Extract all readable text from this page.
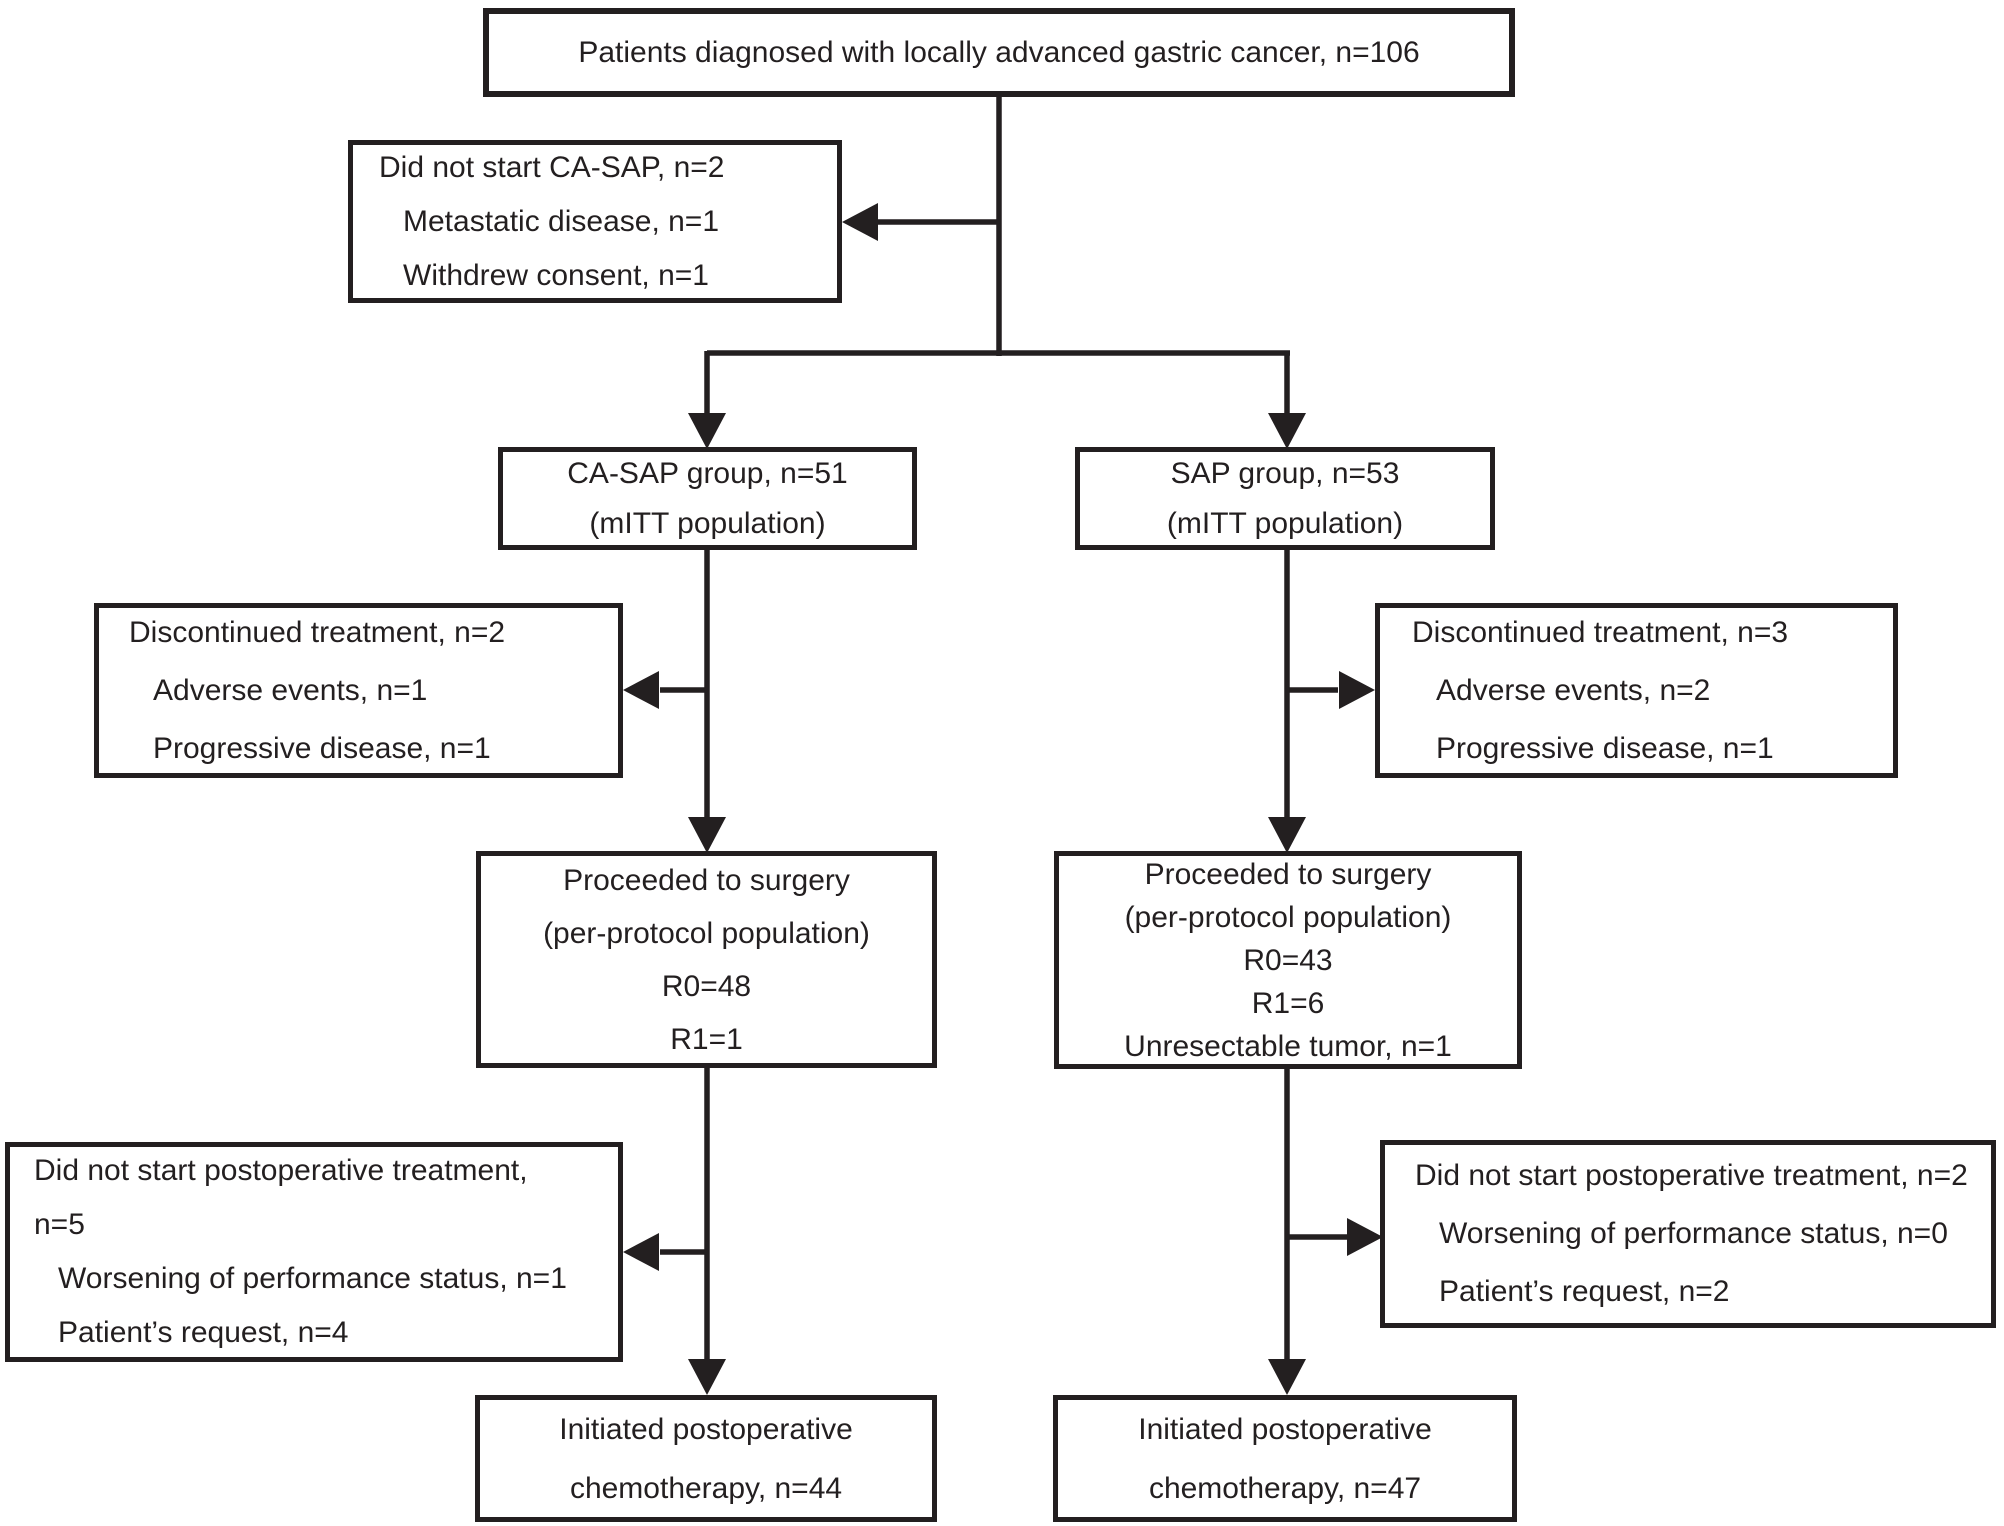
Patients diagnosed with locally advanced gastric cancer, n=106
Did not start CA-SAP, n=2
Metastatic disease, n=1
Withdrew consent, n=1
CA-SAP group, n=51
(mITT population)
SAP group, n=53
(mITT population)
Discontinued treatment, n=2
Adverse events, n=1
Progressive disease, n=1
Discontinued treatment, n=3
Adverse events, n=2
Progressive disease, n=1
Proceeded to surgery
(per-protocol population)
R0=48
R1=1
Proceeded to surgery
(per-protocol population)
R0=43
R1=6
Unresectable tumor, n=1
Did not start postoperative treatment,
n=5
Worsening of performance status, n=1
Patient’s request, n=4
Did not start postoperative treatment, n=2
Worsening of performance status, n=0
Patient’s request, n=2
Initiated postoperative
chemotherapy, n=44
Initiated postoperative
chemotherapy, n=47
